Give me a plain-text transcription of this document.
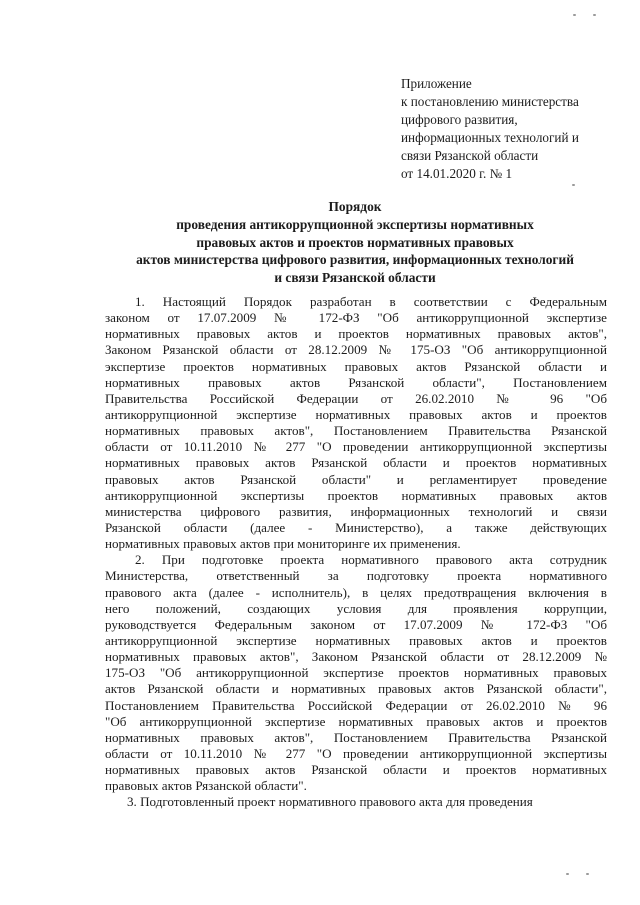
Приложение
к постановлению министерства
цифрового развития,
информационных технологий и
связи Рязанской области
от 14.01.2020 г. № 1
Порядок
проведения антикоррупционной экспертизы нормативных
правовых актов и проектов нормативных правовых
актов министерства цифрового развития, информационных технологий
и связи Рязанской области
1. Настоящий Порядок разработан в соответствии с Федеральным
законом от 17.07.2009 № 172-ФЗ "Об антикоррупционной экспертизе
нормативных правовых актов и проектов нормативных правовых актов",
Законом Рязанской области от 28.12.2009 № 175-ОЗ "Об антикоррупционной
экспертизе проектов нормативных правовых актов Рязанской области и
нормативных правовых актов Рязанской области", Постановлением
Правительства Российской Федерации от 26.02.2010 № 96 "Об
антикоррупционной экспертизе нормативных правовых актов и проектов
нормативных правовых актов", Постановлением Правительства Рязанской
области от 10.11.2010 № 277 "О проведении антикоррупционной экспертизы
нормативных правовых актов Рязанской области и проектов нормативных
правовых актов Рязанской области" и регламентирует проведение
антикоррупционной экспертизы проектов нормативных правовых актов
министерства цифрового развития, информационных технологий и связи
Рязанской области (далее - Министерство), а также действующих
нормативных правовых актов при мониторинге их применения.
2. При подготовке проекта нормативного правового акта сотрудник
Министерства, ответственный за подготовку проекта нормативного
правового акта (далее - исполнитель), в целях предотвращения включения в
него положений, создающих условия для проявления коррупции,
руководствуется Федеральным законом от 17.07.2009 № 172-ФЗ "Об
антикоррупционной экспертизе нормативных правовых актов и проектов
нормативных правовых актов", Законом Рязанской области от 28.12.2009 №
175-ОЗ "Об антикоррупционной экспертизе проектов нормативных правовых
актов Рязанской области и нормативных правовых актов Рязанской области",
Постановлением Правительства Российской Федерации от 26.02.2010 № 96
"Об антикоррупционной экспертизе нормативных правовых актов и проектов
нормативных правовых актов", Постановлением Правительства Рязанской
области от 10.11.2010 № 277 "О проведении антикоррупционной экспертизы
нормативных правовых актов Рязанской области и проектов нормативных
правовых актов Рязанской области".
3. Подготовленный проект нормативного правового акта для проведения
